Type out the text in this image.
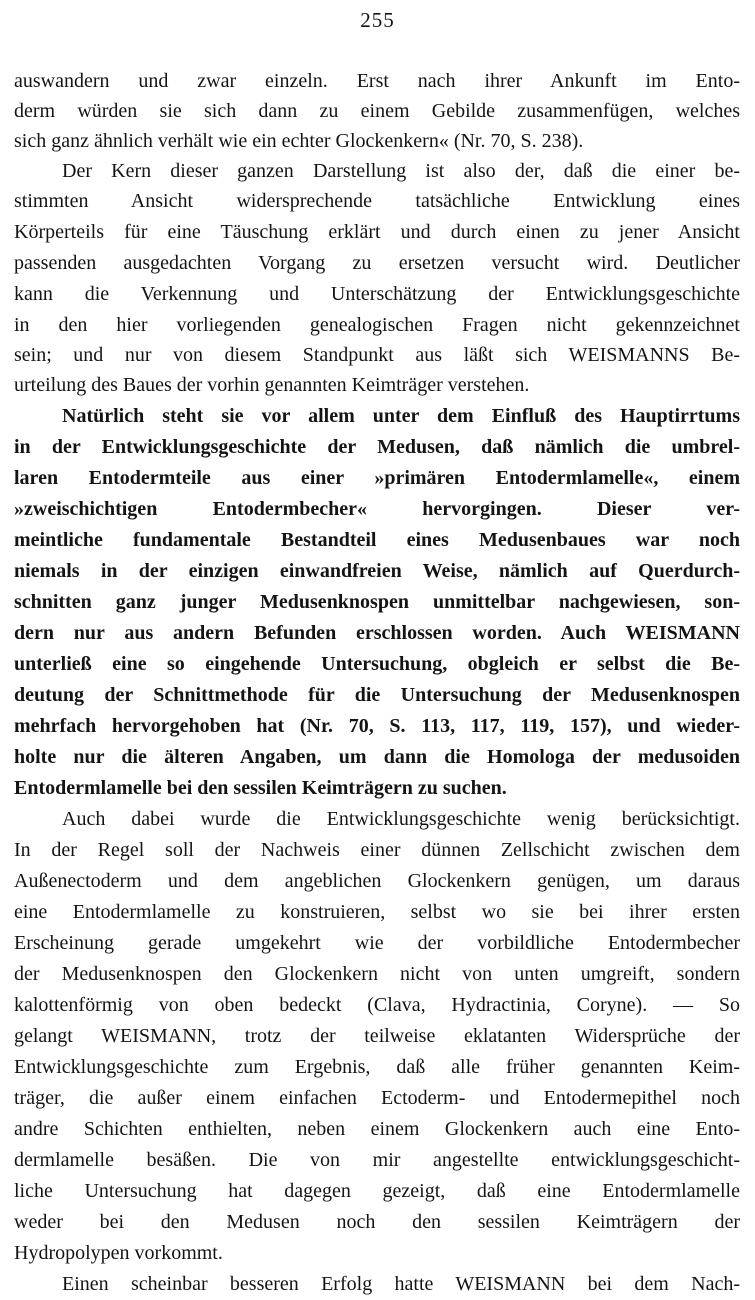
255
auswandern und zwar einzeln. Erst nach ihrer Ankunft im Ento-
derm würden sie sich dann zu einem Gebilde zusammenfügen, welches
sich ganz ähnlich verhält wie ein echter Glockenkern« (Nr. 70, S. 238).
Der Kern dieser ganzen Darstellung ist also der, daß die einer be-
stimmten Ansicht widersprechende tatsächliche Entwicklung eines
Körperteils für eine Täuschung erklärt und durch einen zu jener Ansicht
passenden ausgedachten Vorgang zu ersetzen versucht wird. Deutlicher
kann die Verkennung und Unterschätzung der Entwicklungsgeschichte
in den hier vorliegenden genealogischen Fragen nicht gekennzeichnet
sein; und nur von diesem Standpunkt aus läßt sich WEISMANNS Be-
urteilung des Baues der vorhin genannten Keimträger verstehen.
Natürlich steht sie vor allem unter dem Einfluß des Hauptirrtums
in der Entwicklungsgeschichte der Medusen, daß nämlich die umbrel-
laren Entodermteile aus einer »primären Entodermlamelle«, einem
»zweischichtigen Entodermbecher« hervorgingen. Dieser ver-
meintliche fundamentale Bestandteil eines Medusenbaues war noch
niemals in der einzigen einwandfreien Weise, nämlich auf Querdurch-
schnitten ganz junger Medusenknospen unmittelbar nachgewiesen, son-
dern nur aus andern Befunden erschlossen worden. Auch WEISMANN
unterließ eine so eingehende Untersuchung, obgleich er selbst die Be-
deutung der Schnittmethode für die Untersuchung der Medusenknospen
mehrfach hervorgehoben hat (Nr. 70, S. 113, 117, 119, 157), und wieder-
holte nur die älteren Angaben, um dann die Homologa der medusoiden
Entodermlamelle bei den sessilen Keimträgern zu suchen.
Auch dabei wurde die Entwicklungsgeschichte wenig berücksichtigt.
In der Regel soll der Nachweis einer dünnen Zellschicht zwischen dem
Außenectoderm und dem angeblichen Glockenkern genügen, um daraus
eine Entodermlamelle zu konstruieren, selbst wo sie bei ihrer ersten
Erscheinung gerade umgekehrt wie der vorbildliche Entodermbecher
der Medusenknospen den Glockenkern nicht von unten umgreift, sondern
kalottenförmig von oben bedeckt (Clava, Hydractinia, Coryne). — So
gelangt WEISMANN, trotz der teilweise eklatanten Widersprüche der
Entwicklungsgeschichte zum Ergebnis, daß alle früher genannten Keim-
träger, die außer einem einfachen Ectoderm- und Entodermepithel noch
andre Schichten enthielten, neben einem Glockenkern auch eine Ento-
dermlamelle besäßen. Die von mir angestellte entwicklungsgeschicht-
liche Untersuchung hat dagegen gezeigt, daß eine Entodermlamelle
weder bei den Medusen noch den sessilen Keimträgern der
Hydropolypen vorkommt.
Einen scheinbar besseren Erfolg hatte WEISMANN bei dem Nach-
